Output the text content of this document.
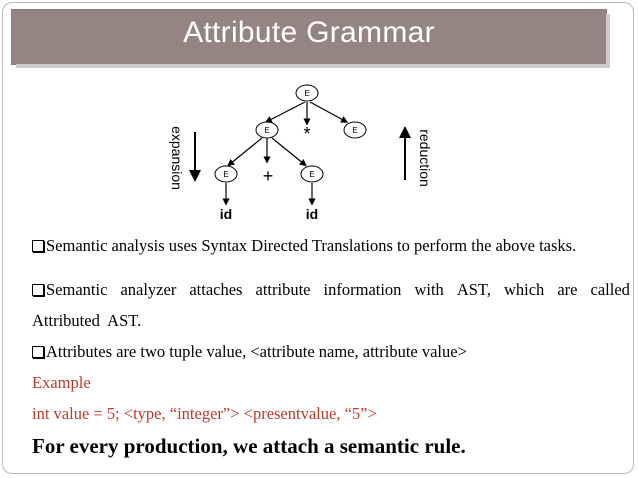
Attribute Grammar
E
E	E
E	E
*
+
id	id
expansion	reduction
Semantic analysis uses Syntax Directed Translations to perform the above tasks.
Semantic analyzer attaches attribute information with AST, which are called
Attributed  AST.
Attributes are two tuple value, <attribute name, attribute value>
Example
int value = 5; <type, “integer”> <presentvalue, “5”>
For every production, we attach a semantic rule.
